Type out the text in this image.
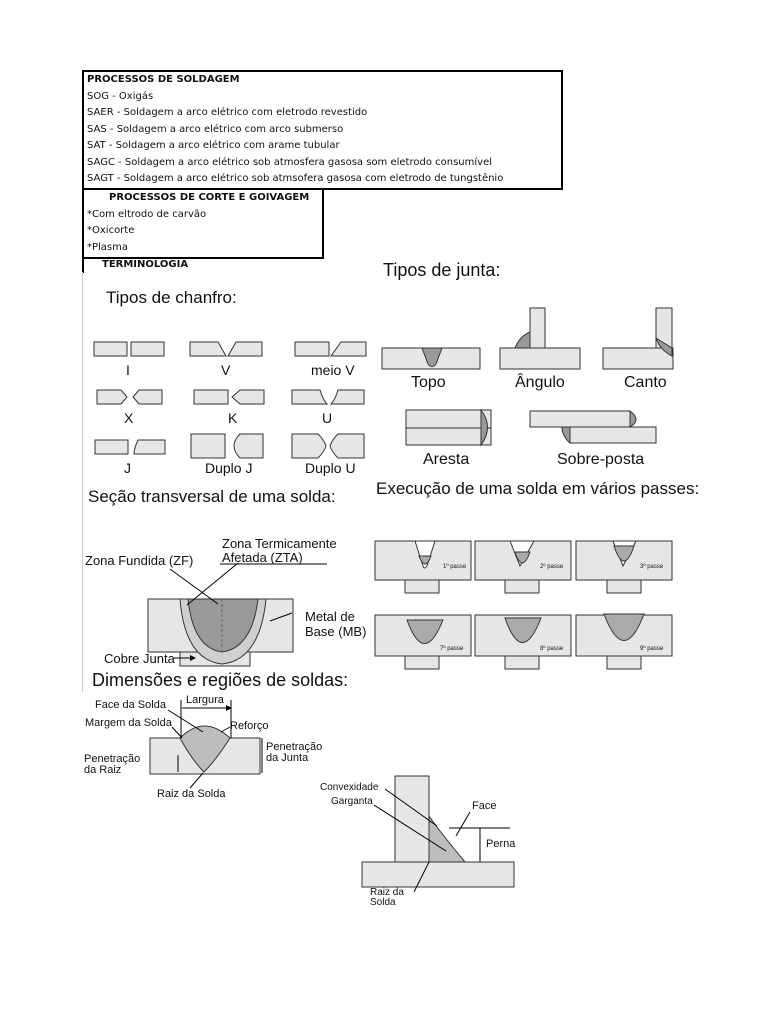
PROCESSOS DE SOLDAGEM
SOG - Oxigás
SAER - Soldagem a arco elétrico com eletrodo revestido
SAS - Soldagem a arco elétrico com arco submerso
SAT - Soldagem a arco elétrico com arame tubular
SAGC - Soldagem a arco elétrico sob atmosfera gasosa som eletrodo consumível
SAGT - Soldagem a arco elétrico sob atmsofera gasosa com eletrodo de tungstênio
PROCESSOS DE CORTE E GOIVAGEM
*Com eltrodo de carvão
*Oxicorte
*Plasma
TERMINOLOGIA
Tipos de chanfro:
Tipos de junta:
Seção transversal de uma solda: Execução de uma solda em vários passes:
Dimensões e regiões de soldas:
I	V	meio V
X	K	U
J	Duplo J	Duplo U
Topo	Ângulo	Canto
Aresta	Sobre-posta
Zona Fundida (ZF)
Zona Termicamente
Afetada (ZTA)
Metal de
Base (MB)
Cobre Junta
1º passe	2º passe	3º passe
7º passe	8º passe	9º passe
Largura
Face da Solda
Margem da Solda	Reforço
Penetração
da Junta
Penetração
da Raiz
Raiz da Solda
Convexidade
Garganta	Face
Perna
Raiz da
Solda
